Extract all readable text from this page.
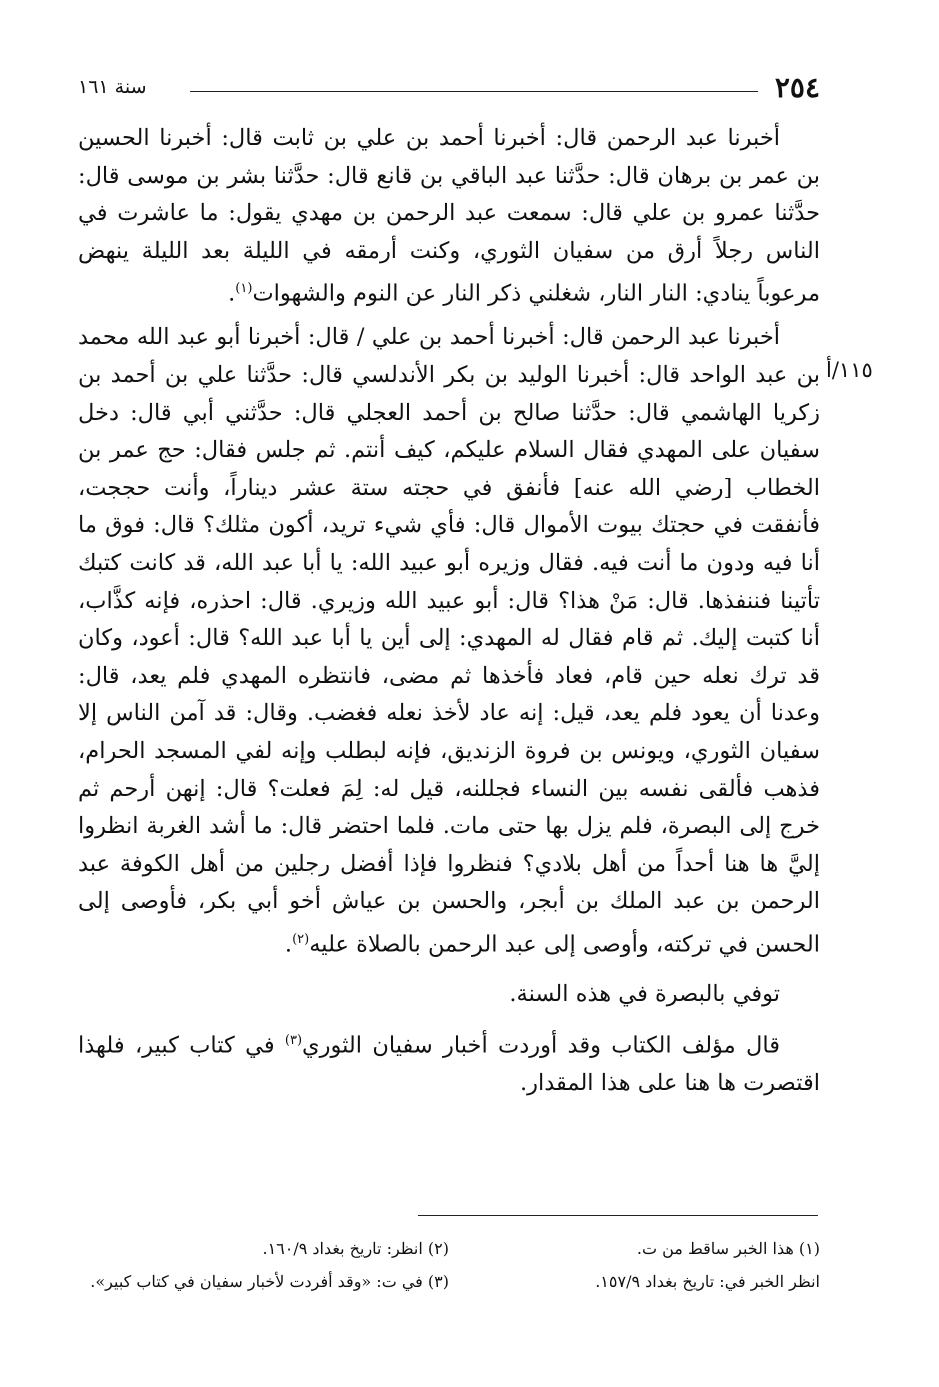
٢٥٤
سنة ١٦١
١١٥/أ

أخبرنا عبد الرحمن قال: أخبرنا أحمد بن علي بن ثابت قال: أخبرنا الحسين بن عمر بن برهان قال: حدَّثنا عبد الباقي بن قانع قال: حدَّثنا بشر بن موسى قال: حدَّثنا عمرو بن علي قال: سمعت عبد الرحمن بن مهدي يقول: ما عاشرت في الناس رجلاً أرق من سفيان الثوري، وكنت أرمقه في الليلة بعد الليلة ينهض مرعوباً ينادي: النار النار، شغلني ذكر النار عن النوم والشهوات$^{(١)}$.

أخبرنا عبد الرحمن قال: أخبرنا أحمد بن علي / قال: أخبرنا أبو عبد الله محمد بن عبد الواحد قال: أخبرنا الوليد بن بكر الأندلسي قال: حدَّثنا علي بن أحمد بن زكريا الهاشمي قال: حدَّثنا صالح بن أحمد العجلي قال: حدَّثني أبي قال: دخل سفيان على المهدي فقال السلام عليكم، كيف أنتم. ثم جلس فقال: حج عمر بن الخطاب [رضي الله عنه] فأنفق في حجته ستة عشر ديناراً، وأنت حججت، فأنفقت في حجتك بيوت الأموال قال: فأي شيء تريد، أكون مثلك؟ قال: فوق ما أنا فيه ودون ما أنت فيه. فقال وزيره أبو عبيد الله: يا أبا عبد الله، قد كانت كتبك تأتينا فننفذها. قال: مَنْ هذا؟ قال: أبو عبيد الله وزيري. قال: احذره، فإنه كذَّاب، أنا كتبت إليك. ثم قام فقال له المهدي: إلى أين يا أبا عبد الله؟ قال: أعود، وكان قد ترك نعله حين قام، فعاد فأخذها ثم مضى، فانتظره المهدي فلم يعد، قال: وعدنا أن يعود فلم يعد، قيل: إنه عاد لأخذ نعله فغضب. وقال: قد آمن الناس إلا سفيان الثوري، ويونس بن فروة الزنديق، فإنه لبطلب وإنه لفي المسجد الحرام، فذهب فألقى نفسه بين النساء فجللنه، قيل له: لِمَ فعلت؟ قال: إنهن أرحم ثم خرج إلى البصرة، فلم يزل بها حتى مات. فلما احتضر قال: ما أشد الغربة انظروا إليَّ ها هنا أحداً من أهل بلادي؟ فنظروا فإذا أفضل رجلين من أهل الكوفة عبد الرحمن بن عبد الملك بن أبجر، والحسن بن عياش أخو أبي بكر، فأوصى إلى الحسن في تركته، وأوصى إلى عبد الرحمن بالصلاة عليه$^{(٢)}$.

توفي بالبصرة في هذه السنة.

قال مؤلف الكتاب وقد أوردت أخبار سفيان الثوري$^{(٣)}$ في كتاب كبير، فلهذا اقتصرت ها هنا على هذا المقدار.

(١) هذا الخبر ساقط من ت.
(٢) انظر: تاريخ بغداد ١٦٠/٩.
انظر الخبر في: تاريخ بغداد ١٥٧/٩.
(٣) في ت: «وقد أفردت لأخبار سفيان في كتاب كبير».
